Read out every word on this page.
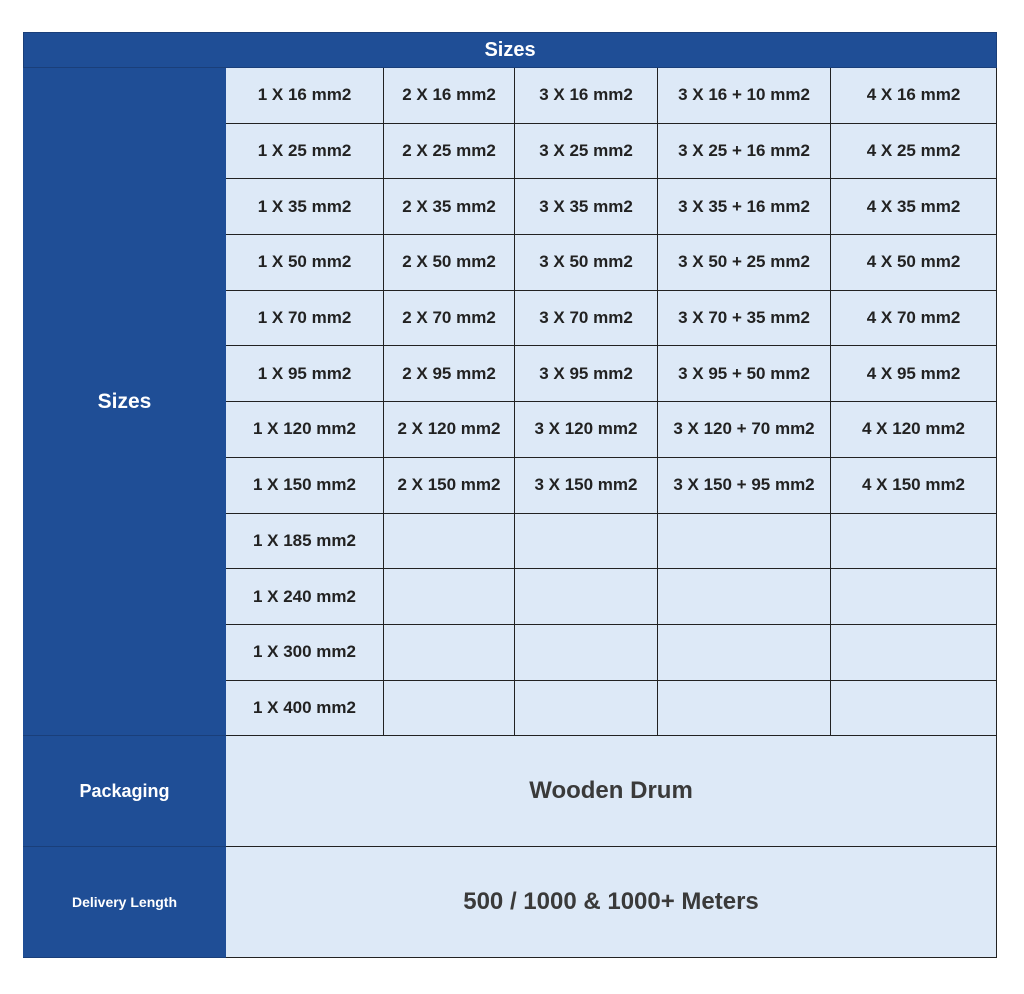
Sizes					
Sizes	1 X 16 mm2	2 X 16 mm2	3 X 16 mm2	3 X 16 + 10 mm2	4 X 16 mm2
	1 X 25 mm2	2 X 25 mm2	3 X 25 mm2	3 X 25 + 16 mm2	4 X 25 mm2
	1 X 35 mm2	2 X 35 mm2	3 X 35 mm2	3 X 35 + 16 mm2	4 X 35 mm2
	1 X 50 mm2	2 X 50 mm2	3 X 50 mm2	3 X 50 + 25 mm2	4 X 50 mm2
	1 X 70 mm2	2 X 70 mm2	3 X 70 mm2	3 X 70 + 35 mm2	4 X 70 mm2
	1 X 95 mm2	2 X 95 mm2	3 X 95 mm2	3 X 95 + 50 mm2	4 X 95 mm2
	1 X 120 mm2	2 X 120 mm2	3 X 120 mm2	3 X 120 + 70 mm2	4 X 120 mm2
	1 X 150 mm2	2 X 150 mm2	3 X 150 mm2	3 X 150 + 95 mm2	4 X 150 mm2
	1 X 185 mm2				
	1 X 240 mm2				
	1 X 300 mm2				
	1 X 400 mm2				
Packaging	Wooden Drum				
Delivery Length	500 / 1000 & 1000+ Meters				
